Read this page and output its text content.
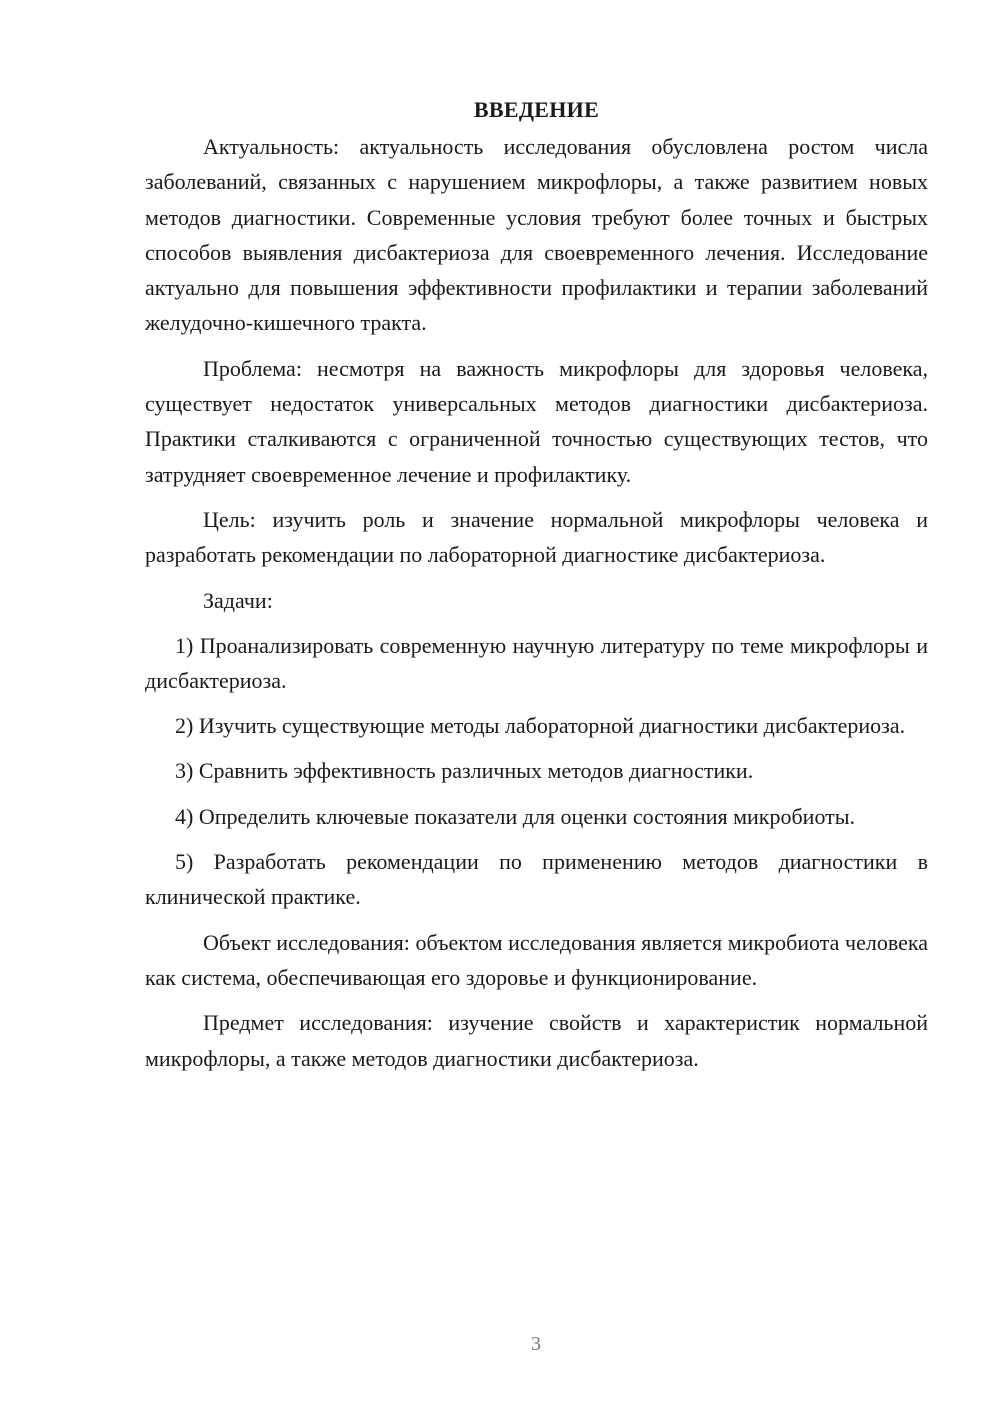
ВВЕДЕНИЕ

Актуальность: актуальность исследования обусловлена ростом числа заболеваний, связанных с нарушением микрофлоры, а также развитием новых методов диагностики. Современные условия требуют более точных и быстрых способов выявления дисбактериоза для своевременного лечения. Исследование актуально для повышения эффективности профилактики и терапии заболеваний желудочно-кишечного тракта.

Проблема: несмотря на важность микрофлоры для здоровья человека, существует недостаток универсальных методов диагностики дисбактериоза. Практики сталкиваются с ограниченной точностью существующих тестов, что затрудняет своевременное лечение и профилактику.

Цель: изучить роль и значение нормальной микрофлоры человека и разработать рекомендации по лабораторной диагностике дисбактериоза.

Задачи:

1) Проанализировать современную научную литературу по теме микрофлоры и дисбактериоза.

2) Изучить существующие методы лабораторной диагностики дисбактериоза.

3) Сравнить эффективность различных методов диагностики.

4) Определить ключевые показатели для оценки состояния микробиоты.

5) Разработать рекомендации по применению методов диагностики в клинической практике.

Объект исследования: объектом исследования является микробиота человека как система, обеспечивающая его здоровье и функционирование.

Предмет исследования: изучение свойств и характеристик нормальной микрофлоры, а также методов диагностики дисбактериоза.

3
